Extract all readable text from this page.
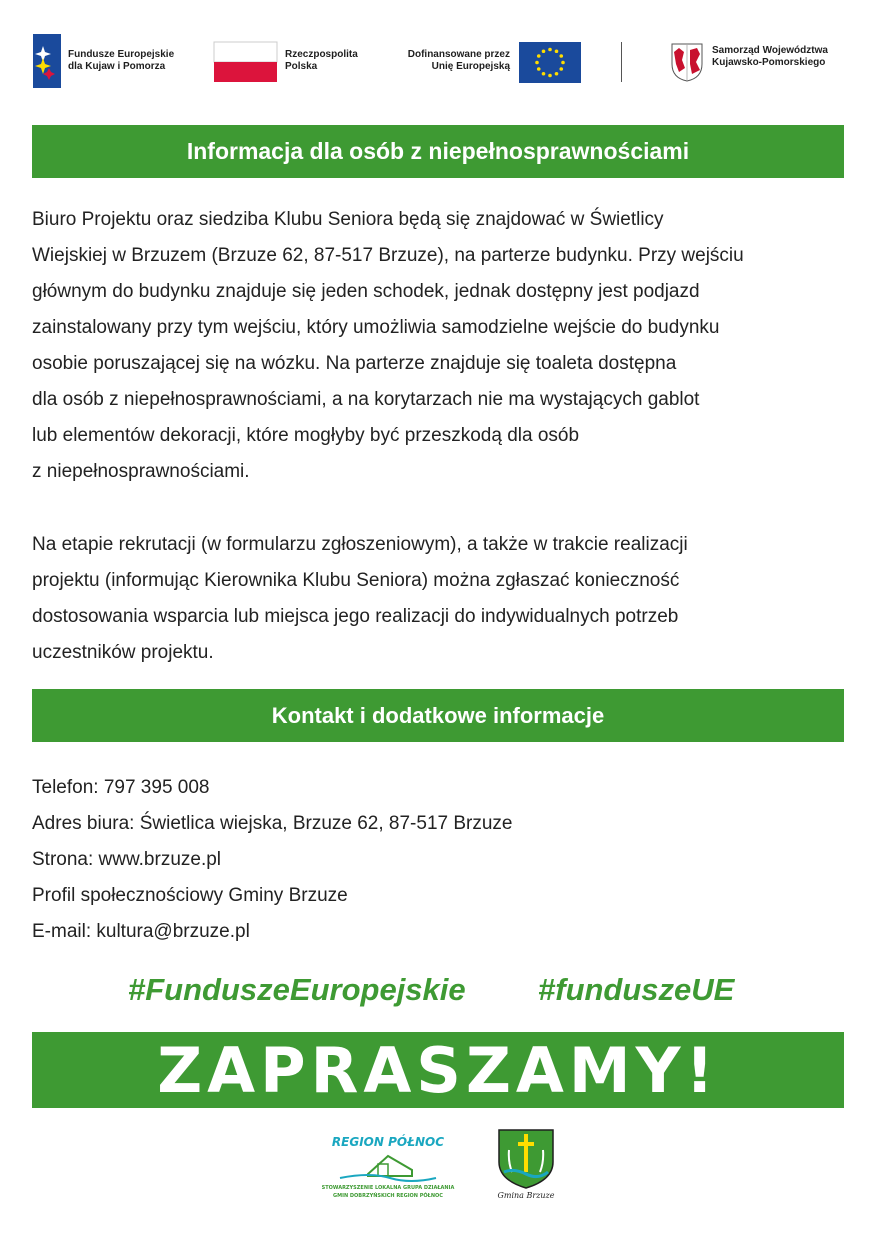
Fundusze Europejskie
dla Kujaw i Pomorza
Rzeczpospolita
Polska
Dofinansowane przez
Unię Europejską
Samorząd Województwa
Kujawsko-Pomorskiego
Informacja dla osób z niepełnosprawnościami
Biuro Projektu oraz siedziba Klubu Seniora będą się znajdować w Świetlicy
Wiejskiej w Brzuzem (Brzuze 62, 87-517 Brzuze), na parterze budynku. Przy wejściu
głównym do budynku znajduje się jeden schodek, jednak dostępny jest podjazd
zainstalowany przy tym wejściu, który umożliwia samodzielne wejście do budynku
osobie poruszającej się na wózku. Na parterze znajduje się toaleta dostępna
dla osób z niepełnosprawnościami, a na korytarzach nie ma wystających gablot
lub elementów dekoracji, które mogłyby być przeszkodą dla osób
z niepełnosprawnościami.
Na etapie rekrutacji (w formularzu zgłoszeniowym), a także w trakcie realizacji
projektu (informując Kierownika Klubu Seniora) można zgłaszać konieczność
dostosowania wsparcia lub miejsca jego realizacji do indywidualnych potrzeb
uczestników projektu.
Kontakt i dodatkowe informacje
Telefon: 797 395 008
Adres biura: Świetlica wiejska, Brzuze 62, 87-517 Brzuze
Strona: www.brzuze.pl
Profil społecznościowy Gminy Brzuze
E-mail: kultura@brzuze.pl
#FunduszeEuropejskie #funduszeUE
ZAPRASZAMY!
REGION PÓŁNOC
STOWARZYSZENIE LOKALNA GRUPA DZIAŁANIA
GMIN DOBRZYŃSKICH REGION PÓŁNOC	Gmina Brzuze
